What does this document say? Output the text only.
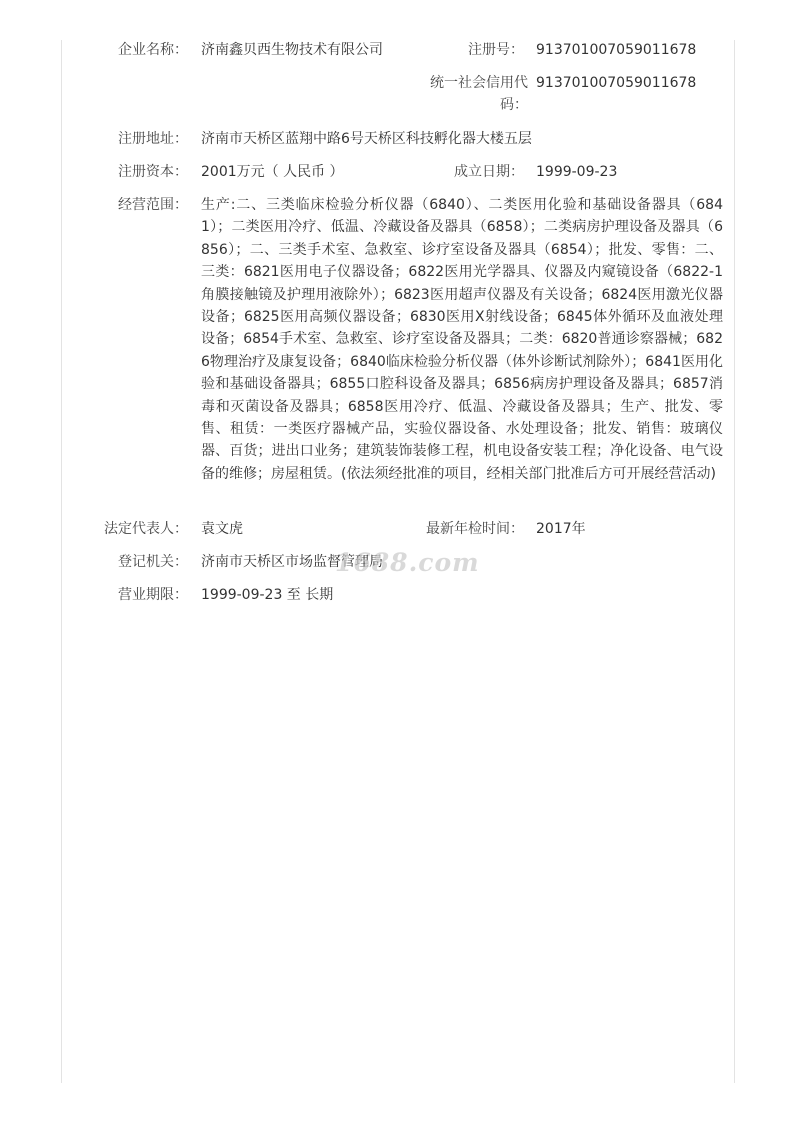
企业名称： 济南鑫贝西生物技术有限公司	注册号： 913701007059011678
统一社会信用代码：
913701007059011678
注册地址： 济南市天桥区蓝翔中路6号天桥区科技孵化器大楼五层
注册资本： 2001万元（ 人民币 ）	成立日期： 1999-09-23
经营范围： 生产:二、三类临床检验分析仪器（6840）、二类医用化验和基础设备器具（6841）；二类医用冷疗、低温、冷藏设备及器具（6858）；二类病房护理设备及器具（6856）；二、三类手术室、急救室、诊疗室设备及器具（6854）；批发、零售：二、三类：6821医用电子仪器设备；6822医用光学器具、仪器及内窥镜设备（6822-1角膜接触镜及护理用液除外）；6823医用超声仪器及有关设备；6824医用激光仪器设备；6825医用高频仪器设备；6830医用X射线设备；6845体外循环及血液处理设备；6854手术室、急救室、诊疗室设备及器具；二类：6820普通诊察器械；6826物理治疗及康复设备；6840临床检验分析仪器（体外诊断试剂除外）；6841医用化验和基础设备器具；6855口腔科设备及器具；6856病房护理设备及器具；6857消毒和灭菌设备及器具；6858医用冷疗、低温、冷藏设备及器具；生产、批发、零售、租赁：一类医疗器械产品，实验仪器设备、水处理设备；批发、销售：玻璃仪器、百货；进出口业务；建筑装饰装修工程，机电设备安装工程；净化设备、电气设备的维修；房屋租赁。(依法须经批准的项目，经相关部门批准后方可开展经营活动)
法定代表人： 袁文虎	最新年检时间： 2017年
登记机关： 济南市天桥区市场监督管理局
营业期限： 1999-09-23 至 长期
1688.com
